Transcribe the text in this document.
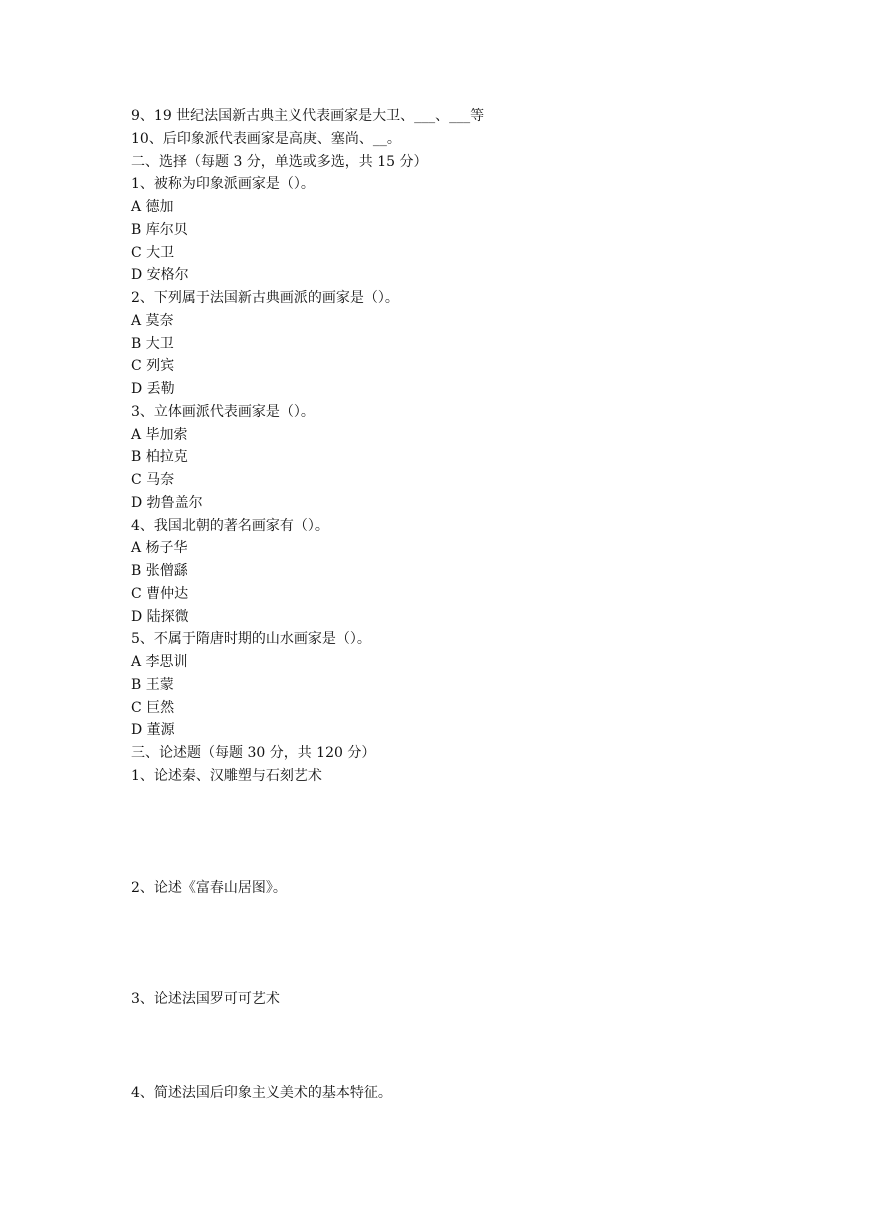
9、19 世纪法国新古典主义代表画家是大卫、___、___等
10、后印象派代表画家是高庚、塞尚、__。
二、选择（每题 3 分，单选或多选，共 15 分）
1、被称为印象派画家是（）。
A 德加
B 库尔贝
C 大卫
D 安格尔
2、下列属于法国新古典画派的画家是（）。
A 莫奈
B 大卫
C 列宾
D 丢勒
3、立体画派代表画家是（）。
A 毕加索
B 柏拉克
C 马奈
D 勃鲁盖尔
4、我国北朝的著名画家有（）。
A 杨子华
B 张僧繇
C 曹仲达
D 陆探微
5、不属于隋唐时期的山水画家是（）。
A 李思训
B 王蒙
C 巨然
D 董源
三、论述题（每题 30 分，共 120 分）
1、论述秦、汉雕塑与石刻艺术
2、论述《富春山居图》。
3、论述法国罗可可艺术
4、简述法国后印象主义美术的基本特征。
